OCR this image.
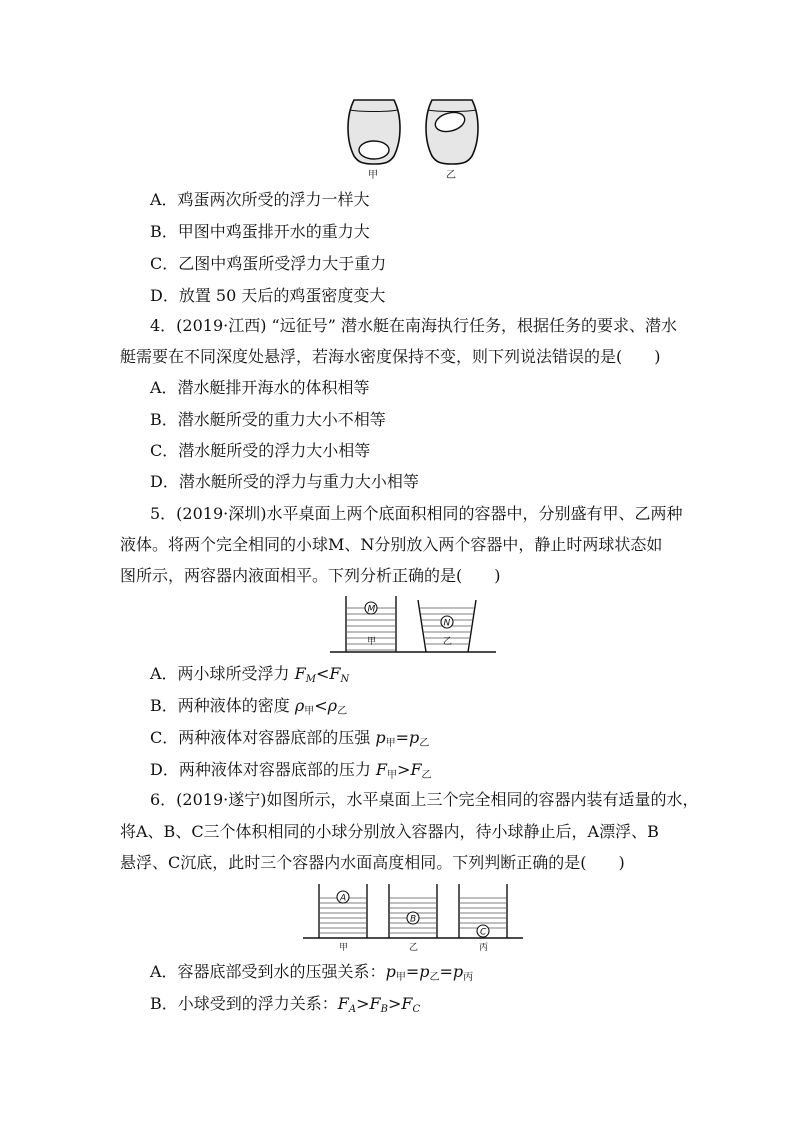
甲	乙
A．鸡蛋两次所受的浮力一样大
B．甲图中鸡蛋排开水的重力大
C．乙图中鸡蛋所受浮力大于重力
D．放置 50 天后的鸡蛋密度变大
4．(2019·江西) “远征号” 潜水艇在南海执行任务，根据任务的要求、潜水
艇需要在不同深度处悬浮，若海水密度保持不变，则下列说法错误的是(　　)
A．潜水艇排开海水的体积相等
B．潜水艇所受的重力大小不相等
C．潜水艇所受的浮力大小相等
D．潜水艇所受的浮力与重力大小相等
5．(2019·深圳)水平桌面上两个底面积相同的容器中，分别盛有甲、乙两种
液体。将两个完全相同的小球M、N分别放入两个容器中，静止时两球状态如
图所示，两容器内液面相平。下列分析正确的是(　　)
M
甲
N
乙
A．两小球所受浮力 $F_M<F_N$
B．两种液体的密度 $\rho_甲<\rho_乙$
C．两种液体对容器底部的压强 $p_甲=p_乙$
D．两种液体对容器底部的压力 $F_甲>F_乙$
6．(2019·遂宁)如图所示，水平桌面上三个完全相同的容器内装有适量的水，
将A、B、C三个体积相同的小球分别放入容器内，待小球静止后，A漂浮、B
悬浮、C沉底，此时三个容器内水面高度相同。下列判断正确的是(　　)
A
B
C
甲	乙	丙
A．容器底部受到水的压强关系：$p_甲=p_乙=p_丙$
B．小球受到的浮力关系：$F_A>F_B>F_C$
